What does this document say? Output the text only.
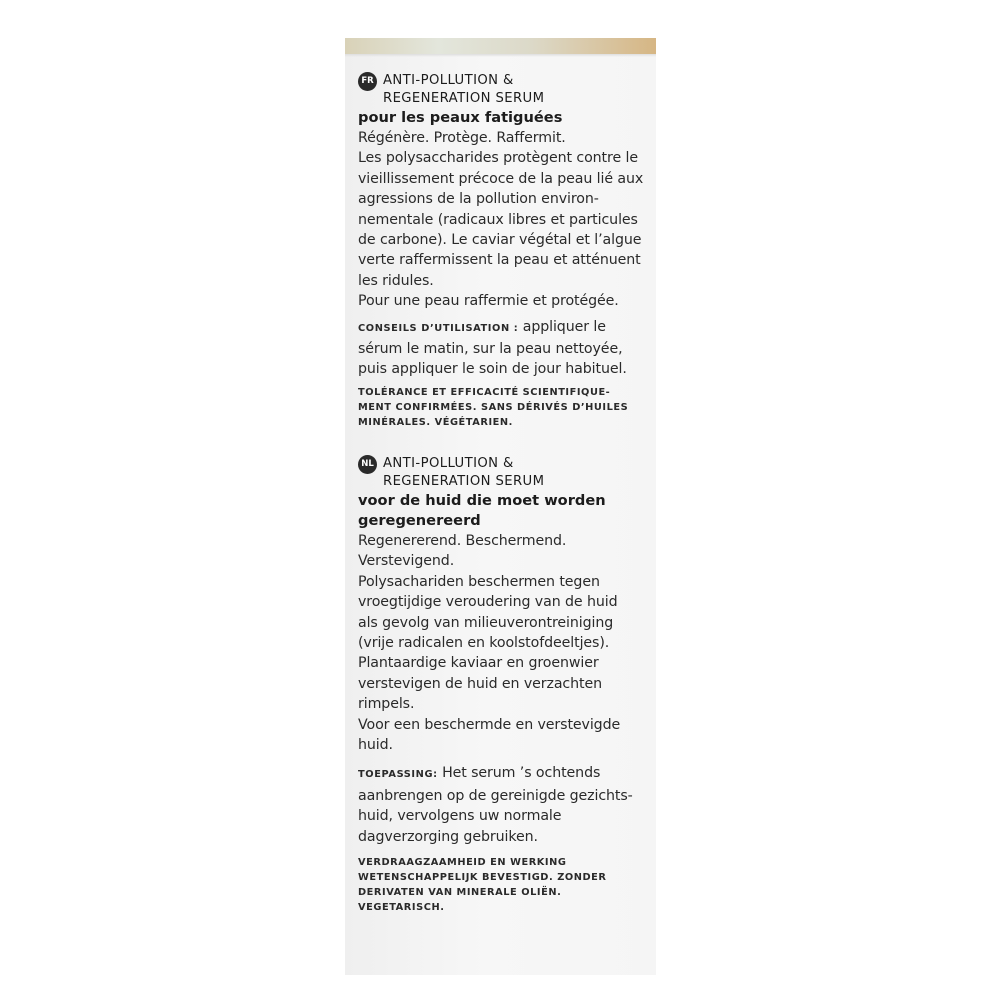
FR ANTI-POLLUTION &
REGENERATION SERUM
pour les peaux fatiguées
Régénère. Protège. Raffermit.
Les polysaccharides protègent contre le
vieillissement précoce de la peau lié aux
agressions de la pollution environ-
nementale (radicaux libres et particules
de carbone). Le caviar végétal et l’algue
verte raffermissent la peau et atténuent
les ridules.
Pour une peau raffermie et protégée.
CONSEILS D’UTILISATION : appliquer le
sérum le matin, sur la peau nettoyée,
puis appliquer le soin de jour habituel.
TOLÉRANCE ET EFFICACITÉ SCIENTIFIQUE-
MENT CONFIRMÉES. SANS DÉRIVÉS D’HUILES
MINÉRALES. VÉGÉTARIEN.
NL ANTI-POLLUTION &
REGENERATION SERUM
voor de huid die moet worden
geregenereerd
Regenererend. Beschermend.
Verstevigend.
Polysachariden beschermen tegen
vroegtijdige veroudering van de huid
als gevolg van milieuverontreiniging
(vrije radicalen en koolstofdeeltjes).
Plantaardige kaviaar en groenwier
verstevigen de huid en verzachten
rimpels.
Voor een beschermde en verstevigde
huid.
TOEPASSING: Het serum ’s ochtends
aanbrengen op de gereinigde gezichts-
huid, vervolgens uw normale
dagverzorging gebruiken.
VERDRAAGZAAMHEID EN WERKING
WETENSCHAPPELIJK BEVESTIGD. ZONDER
DERIVATEN VAN MINERALE OLIËN.
VEGETARISCH.
